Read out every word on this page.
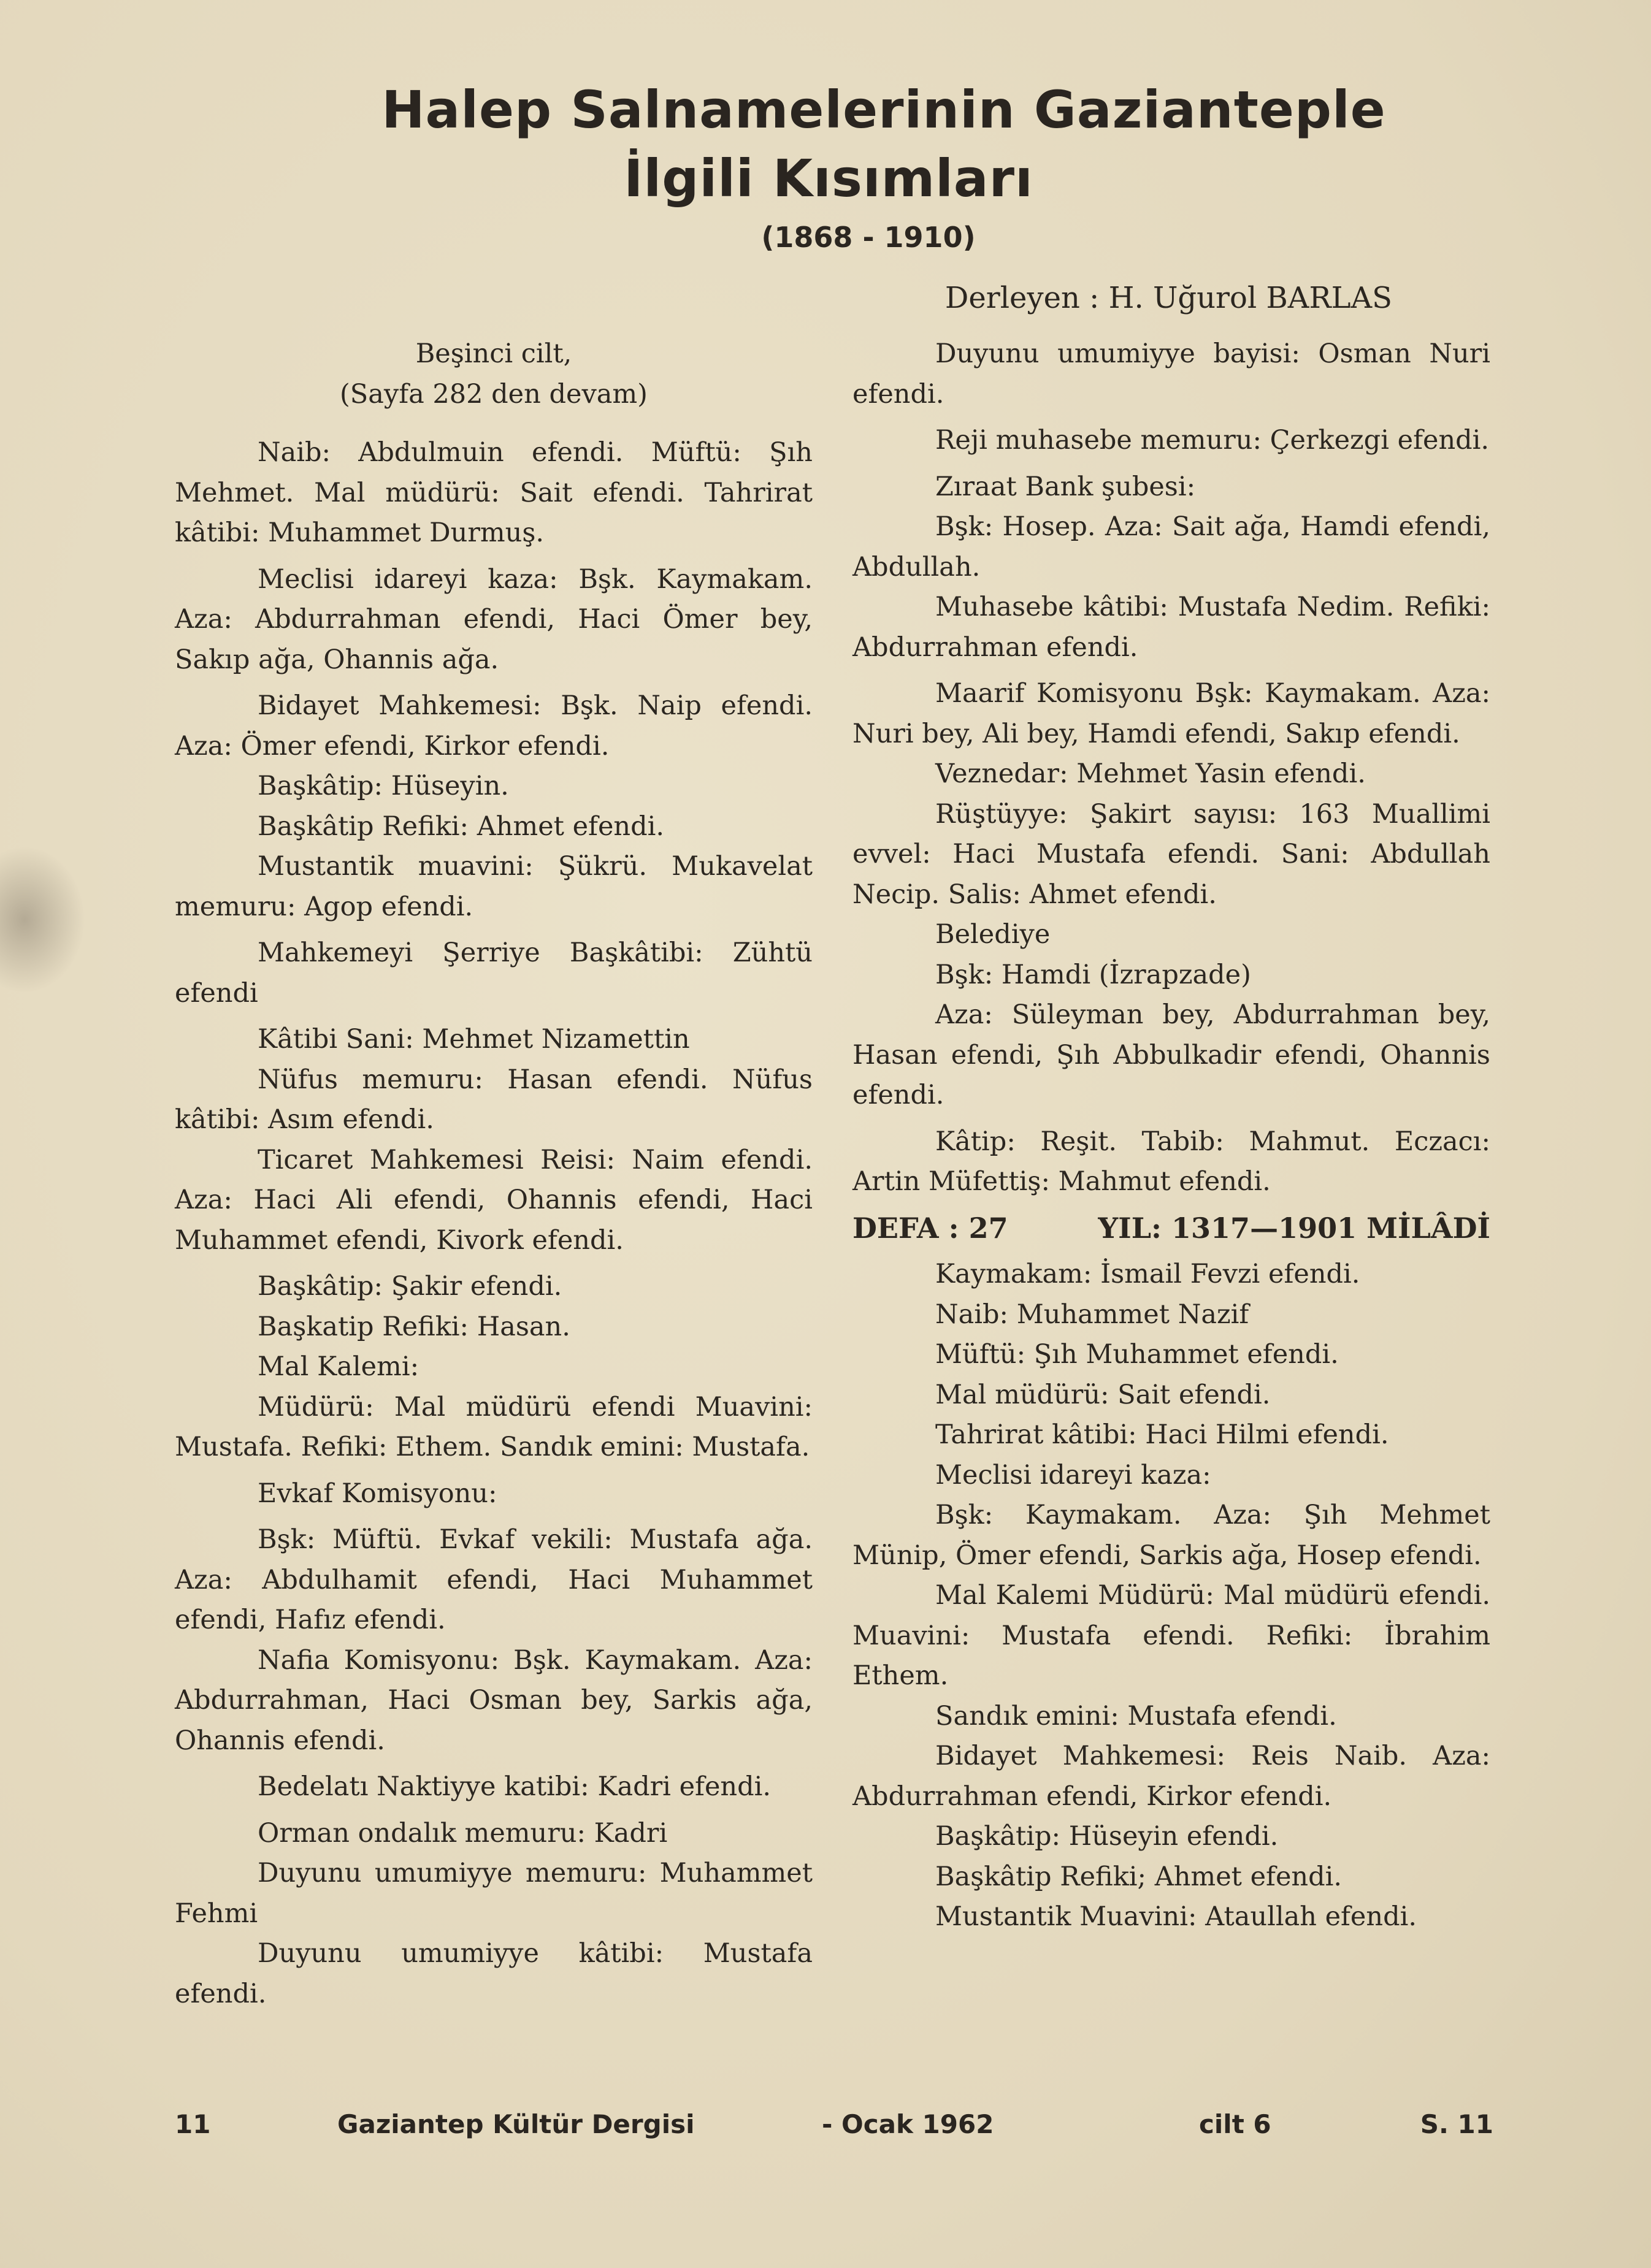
Halep Salnamelerinin Gazianteple
İlgili Kısımları
(1868 - 1910)
Derleyen : H. Uğurol BARLAS

Beşinci cilt,

(Sayfa 282 den devam)

Naib: Abdulmuin efendi. Müftü: Şıh Mehmet. Mal müdürü: Sait efendi. Tahrirat kâtibi: Muhammet Durmuş.

Meclisi idareyi kaza: Bşk. Kaymakam. Aza: Abdurrahman efendi, Haci Ömer bey, Sakıp ağa, Ohannis ağa.

Bidayet Mahkemesi: Bşk. Naip efendi. Aza: Ömer efendi, Kirkor efendi.

Başkâtip: Hüseyin.

Başkâtip Refiki: Ahmet efendi.

Mustantik muavini: Şükrü. Mukavelat memuru: Agop efendi.

Mahkemeyi Şerriye Başkâtibi: Zühtü efendi

Kâtibi Sani: Mehmet Nizamettin

Nüfus memuru: Hasan efendi. Nüfus kâtibi: Asım efendi.

Ticaret Mahkemesi Reisi: Naim efendi. Aza: Haci Ali efendi, Ohannis efendi, Haci Muhammet efendi, Kivork efendi.

Başkâtip: Şakir efendi.

Başkatip Refiki: Hasan.

Mal Kalemi:

Müdürü: Mal müdürü efendi Muavini: Mustafa. Refiki: Ethem. Sandık emini: Mustafa.

Evkaf Komisyonu:

Bşk: Müftü. Evkaf vekili: Mustafa ağa. Aza: Abdulhamit efendi, Haci Muhammet efendi, Hafız efendi.

Nafia Komisyonu: Bşk. Kaymakam. Aza: Abdurrahman, Haci Osman bey, Sarkis ağa, Ohannis efendi.

Bedelatı Naktiyye katibi: Kadri efendi.

Orman ondalık memuru: Kadri

Duyunu umumiyye memuru: Muhammet Fehmi

Duyunu umumiyye kâtibi: Mustafa efendi.

Duyunu umumiyye bayisi: Osman Nuri efendi.

Reji muhasebe memuru: Çerkezgi efendi.

Zıraat Bank şubesi:

Bşk: Hosep. Aza: Sait ağa, Hamdi efendi, Abdullah.

Muhasebe kâtibi: Mustafa Nedim. Refiki: Abdurrahman efendi.

Maarif Komisyonu Bşk: Kaymakam. Aza: Nuri bey, Ali bey, Hamdi efendi, Sakıp efendi.

Veznedar: Mehmet Yasin efendi.

Rüştüyye: Şakirt sayısı: 163 Muallimi evvel: Haci Mustafa efendi. Sani: Abdullah Necip. Salis: Ahmet efendi.

Belediye

Bşk: Hamdi (İzrapzade)

Aza: Süleyman bey, Abdurrahman bey, Hasan efendi, Şıh Abbulkadir efendi, Ohannis efendi.

Kâtip: Reşit. Tabib: Mahmut. Eczacı: Artin Müfettiş: Mahmut efendi.

DEFA : 27	YIL: 1317—1901 MİLÂDİ

Kaymakam: İsmail Fevzi efendi.

Naib: Muhammet Nazif

Müftü: Şıh Muhammet efendi.

Mal müdürü: Sait efendi.

Tahrirat kâtibi: Haci Hilmi efendi.

Meclisi idareyi kaza:

Bşk: Kaymakam. Aza: Şıh Mehmet Münip, Ömer efendi, Sarkis ağa, Hosep efendi.

Mal Kalemi Müdürü: Mal müdürü efendi. Muavini: Mustafa efendi. Refiki: İbrahim Ethem.

Sandık emini: Mustafa efendi.

Bidayet Mahkemesi: Reis Naib. Aza: Abdurrahman efendi, Kirkor efendi.

Başkâtip: Hüseyin efendi.

Başkâtip Refiki; Ahmet efendi.

Mustantik Muavini: Ataullah efendi.

11	Gaziantep Kültür Dergisi	- Ocak 1962	cilt 6	S. 11
